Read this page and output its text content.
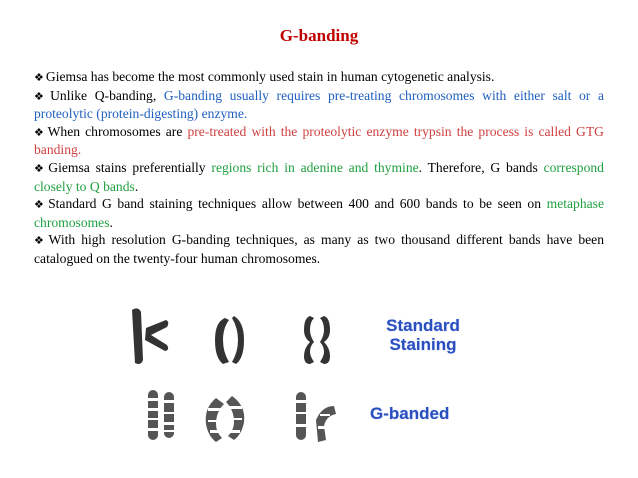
G-banding

❖ Giemsa has become the most commonly used stain in human cytogenetic analysis.

❖ Unlike Q-banding, G-banding usually requires pre-treating chromosomes with either salt or a proteolytic (protein-digesting) enzyme.

❖ When chromosomes are pre-treated with the proteolytic enzyme trypsin the process is called GTG banding.

❖ Giemsa stains preferentially regions rich in adenine and thymine. Therefore, G bands correspond closely to Q bands.

❖ Standard G band staining techniques allow between 400 and 600 bands to be seen on metaphase chromosomes.

❖ With high resolution G-banding techniques, as many as two thousand different bands have been catalogued on the twenty-four human chromosomes.

Standard
Staining
G-banded
